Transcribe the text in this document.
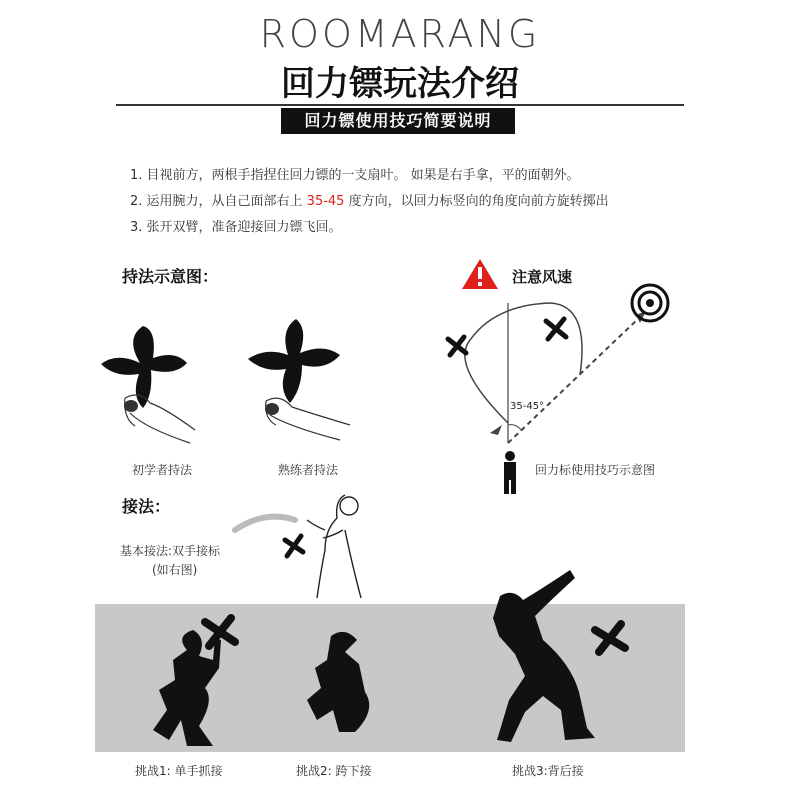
ROOMARANG
回力镖玩法介绍
回力镖使用技巧简要说明
1. 目视前方，两根手指捏住回力镖的一支扇叶。 如果是右手拿，平的面朝外。
2. 运用腕力，从自己面部右上 35-45 度方向，以回力标竖向的角度向前方旋转掷出
3. 张开双臂，准备迎接回力镖飞回。
持法示意图：
初学者持法	熟练者持法
注意风速
35-45°
回力标使用技巧示意图
接法：
基本接法:双手接标
(如右图)
挑战1: 单手抓接	挑战2: 跨下接	挑战3:背后接
